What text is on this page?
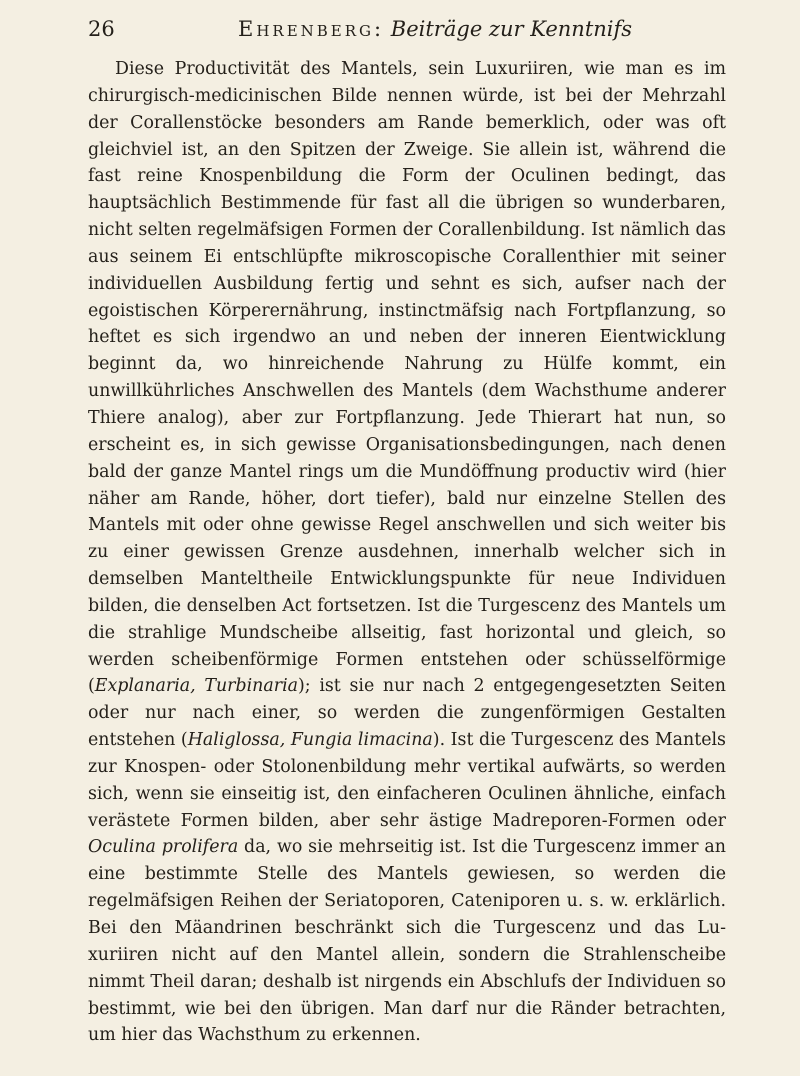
26	Ehrenberg: Beiträge zur Kenntnifs

Diese Productivität des Mantels, sein Luxuriiren, wie man es im chirurgisch-medicinischen Bilde nennen würde, ist bei der Mehrzahl der Corallenstöcke besonders am Rande bemerklich, oder was oft gleichviel ist, an den Spitzen der Zweige. Sie allein ist, während die fast reine Knospenbildung die Form der Oculinen bedingt, das hauptsächlich Bestimmende für fast all die übrigen so wunderbaren, nicht selten regelmäfsigen Formen der Corallenbildung. Ist nämlich das aus seinem Ei entschlüpfte mikroscopische Corallenthier mit seiner individuellen Ausbildung fertig und sehnt es sich, aufser nach der egoistischen Körperernährung, instinctmäfsig nach Fortpflanzung, so heftet es sich irgendwo an und neben der inneren Eientwicklung beginnt da, wo hinreichende Nahrung zu Hülfe kommt, ein unwillkührliches Anschwellen des Mantels (dem Wachsthume anderer Thiere analog), aber zur Fortpflanzung. Jede Thierart hat nun, so erscheint es, in sich gewisse Organisationsbedingungen, nach denen bald der ganze Mantel rings um die Mundöffnung productiv wird (hier näher am Rande, höher, dort tiefer), bald nur einzelne Stellen des Mantels mit oder ohne gewisse Regel anschwellen und sich weiter bis zu einer gewissen Grenze ausdehnen, innerhalb welcher sich in demselben Manteltheile Entwicklungspunkte für neue Individuen bilden, die denselben Act fortsetzen. Ist die Turgescenz des Mantels um die strahlige Mundscheibe allseitig, fast horizontal und gleich, so werden scheibenförmige Formen entstehen oder schüsselförmige (Explanaria, Turbinaria); ist sie nur nach 2 entgegengesetzten Seiten oder nur nach einer, so werden die zungenförmigen Gestalten entstehen (Haliglossa, Fungia limacina). Ist die Turgescenz des Mantels zur Knospen- oder Stolonenbildung mehr vertikal aufwärts, so werden sich, wenn sie einseitig ist, den einfacheren Oculinen ähnliche, einfach verästete Formen bilden, aber sehr ästige Madreporen-Formen oder Oculina prolifera da, wo sie mehrseitig ist. Ist die Turgescenz immer an eine bestimmte Stelle des Mantels gewiesen, so werden die regelmäfsigen Reihen der Seriatoporen, Cateniporen u. s. w. erklärlich. Bei den Mäandrinen beschränkt sich die Turgescenz und das Luxuriiren nicht auf den Mantel allein, sondern die Strahlenscheibe nimmt Theil daran; deshalb ist nirgends ein Abschlufs der Individuen so bestimmt, wie bei den übrigen. Man darf nur die Ränder betrachten, um hier das Wachsthum zu erkennen.
